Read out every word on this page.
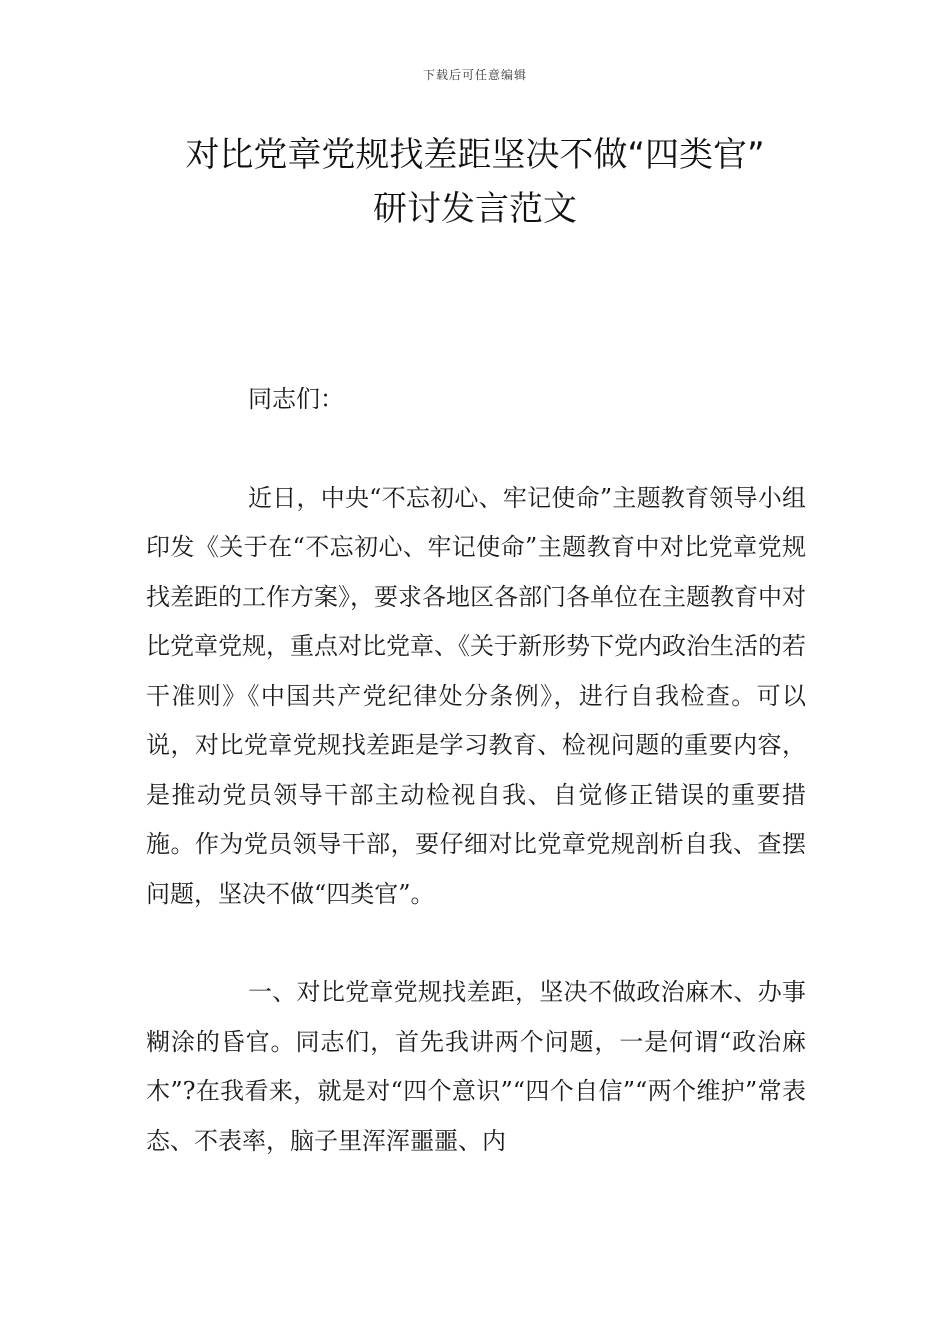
下载后可任意编辑
对比党章党规找差距坚决不做“四类官”
研讨发言范文

同志们：

近日，中央“不忘初心、牢记使命”主题教育领导小组印发《关于在“不忘初心、牢记使命”主题教育中对比党章党规找差距的工作方案》，要求各地区各部门各单位在主题教育中对比党章党规，重点对比党章、《关于新形势下党内政治生活的若干准则》《中国共产党纪律处分条例》，进行自我检查。可以说，对比党章党规找差距是学习教育、检视问题的重要内容，是推动党员领导干部主动检视自我、自觉修正错误的重要措施。作为党员领导干部，要仔细对比党章党规剖析自我、查摆问题，坚决不做“四类官”。

一、对比党章党规找差距，坚决不做政治麻木、办事糊涂的昏官。同志们，首先我讲两个问题，一是何谓“政治麻木”?在我看来，就是对“四个意识”“四个自信”“两个维护”常表态、不表率，脑子里浑浑噩噩、内
